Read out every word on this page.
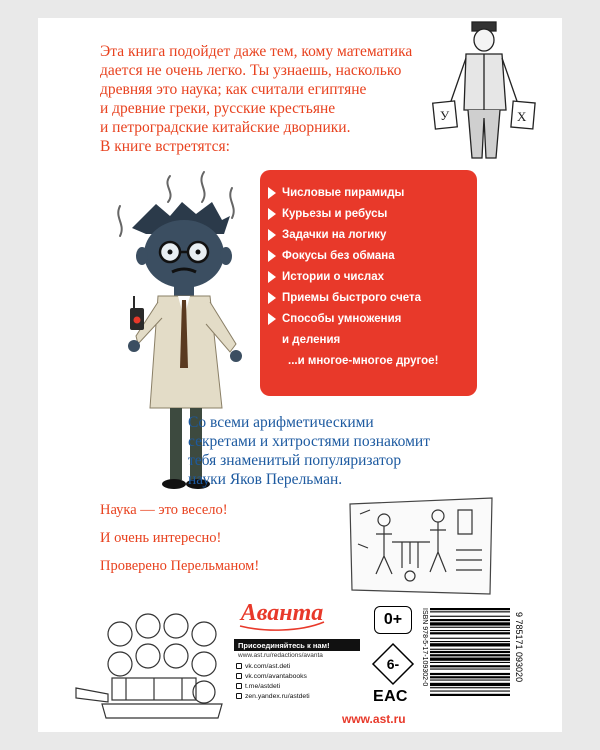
Эта книга подойдет даже тем, кому математика
дается не очень легко. Ты узнаешь, насколько
древняя это наука; как считали египтяне
и древние греки, русские крестьяне
и петроградские китайские дворники.
В книге встретятся:
У	Х
Числовые пирамиды
Курьезы и ребусы
Задачки на логику
Фокусы без обмана
Истории о числах
Приемы быстрого счета
Способы умножения
и деления
...и многое-многое другое!
Со всеми арифметическими
секретами и хитростями познакомит
тебя знаменитый популяризатор
науки Яков Перельман.
Наука — это весело!
И очень интересно!
Проверено Перельманом!
Аванта
Присоединяйтесь к нам!
www.ast.ru/redactions/avanta
vk.com/ast.deti
vk.com/avantabooks
t.me/astdeti
zen.yandex.ru/astdeti
0+
6-
ЕАС
ISBN 978-5-17-109302-0	9 785171 093020
www.ast.ru
